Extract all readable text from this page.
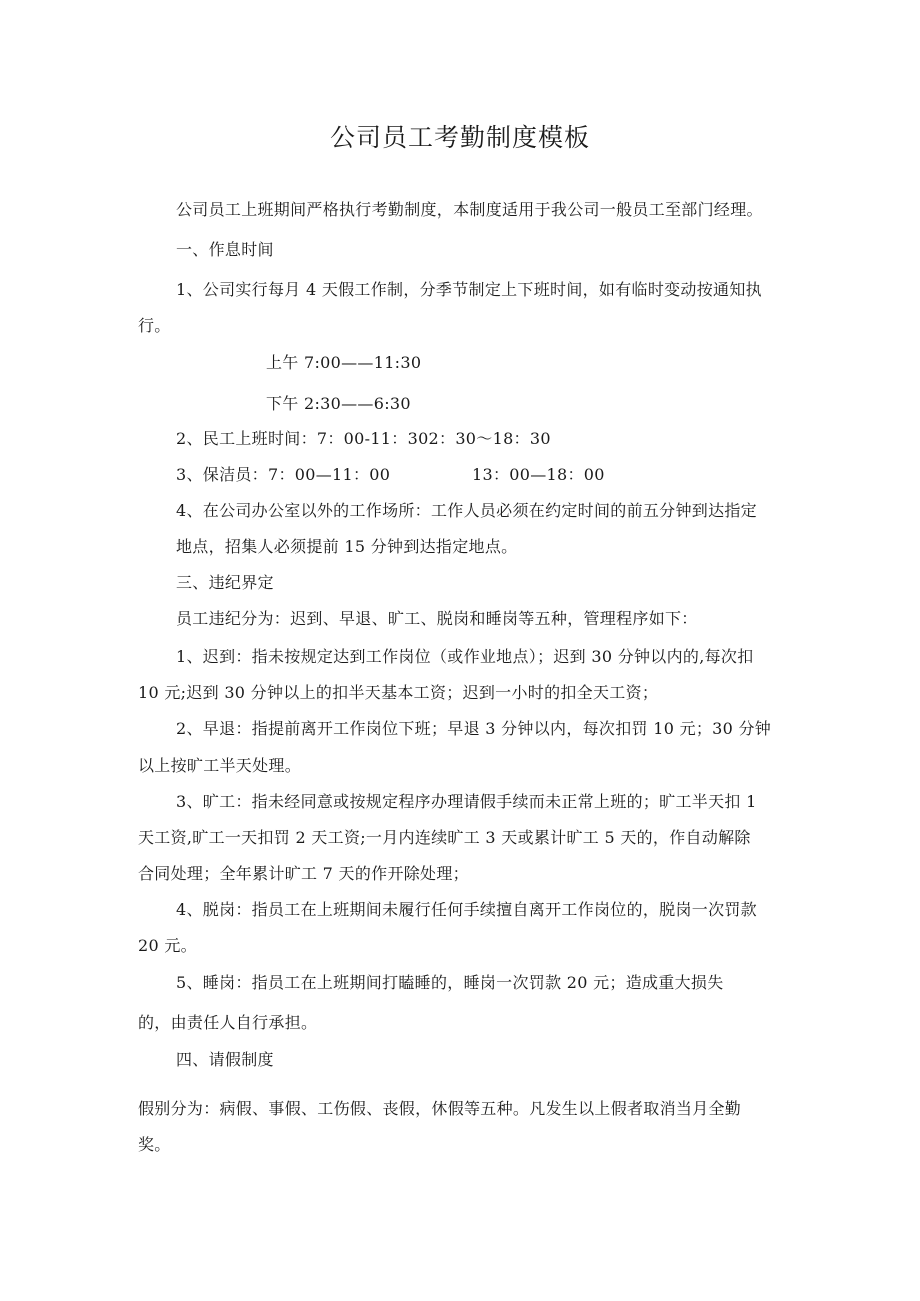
公司员工考勤制度模板

公司员工上班期间严格执行考勤制度，本制度适用于我公司一般员工至部门经理。

一、作息时间

1、公司实行每月 4 天假工作制，分季节制定上下班时间，如有临时变动按通知执

行。

上午 7:00——11:30

下午 2:30——6:30

2、民工上班时间：7：00-11：302：30～18：30

3、保洁员：7：00—11：00	13：00—18：00

4、在公司办公室以外的工作场所：工作人员必须在约定时间的前五分钟到达指定

地点，招集人必须提前 15 分钟到达指定地点。

三、违纪界定

员工违纪分为：迟到、早退、旷工、脱岗和睡岗等五种，管理程序如下：

1、迟到：指未按规定达到工作岗位（或作业地点）；迟到 30 分钟以内的,每次扣

10 元;迟到 30 分钟以上的扣半天基本工资；迟到一小时的扣全天工资；

2、早退：指提前离开工作岗位下班；早退 3 分钟以内，每次扣罚 10 元；30 分钟

以上按旷工半天处理。

3、旷工：指未经同意或按规定程序办理请假手续而未正常上班的；旷工半天扣 1

天工资,旷工一天扣罚 2 天工资;一月内连续旷工 3 天或累计旷工 5 天的，作自动解除

合同处理；全年累计旷工 7 天的作开除处理；

4、脱岗：指员工在上班期间未履行任何手续擅自离开工作岗位的，脱岗一次罚款

20 元。

5、睡岗：指员工在上班期间打瞌睡的，睡岗一次罚款 20 元；造成重大损失

的，由责任人自行承担。

四、请假制度

假别分为：病假、事假、工伤假、丧假，休假等五种。凡发生以上假者取消当月全勤

奖。
